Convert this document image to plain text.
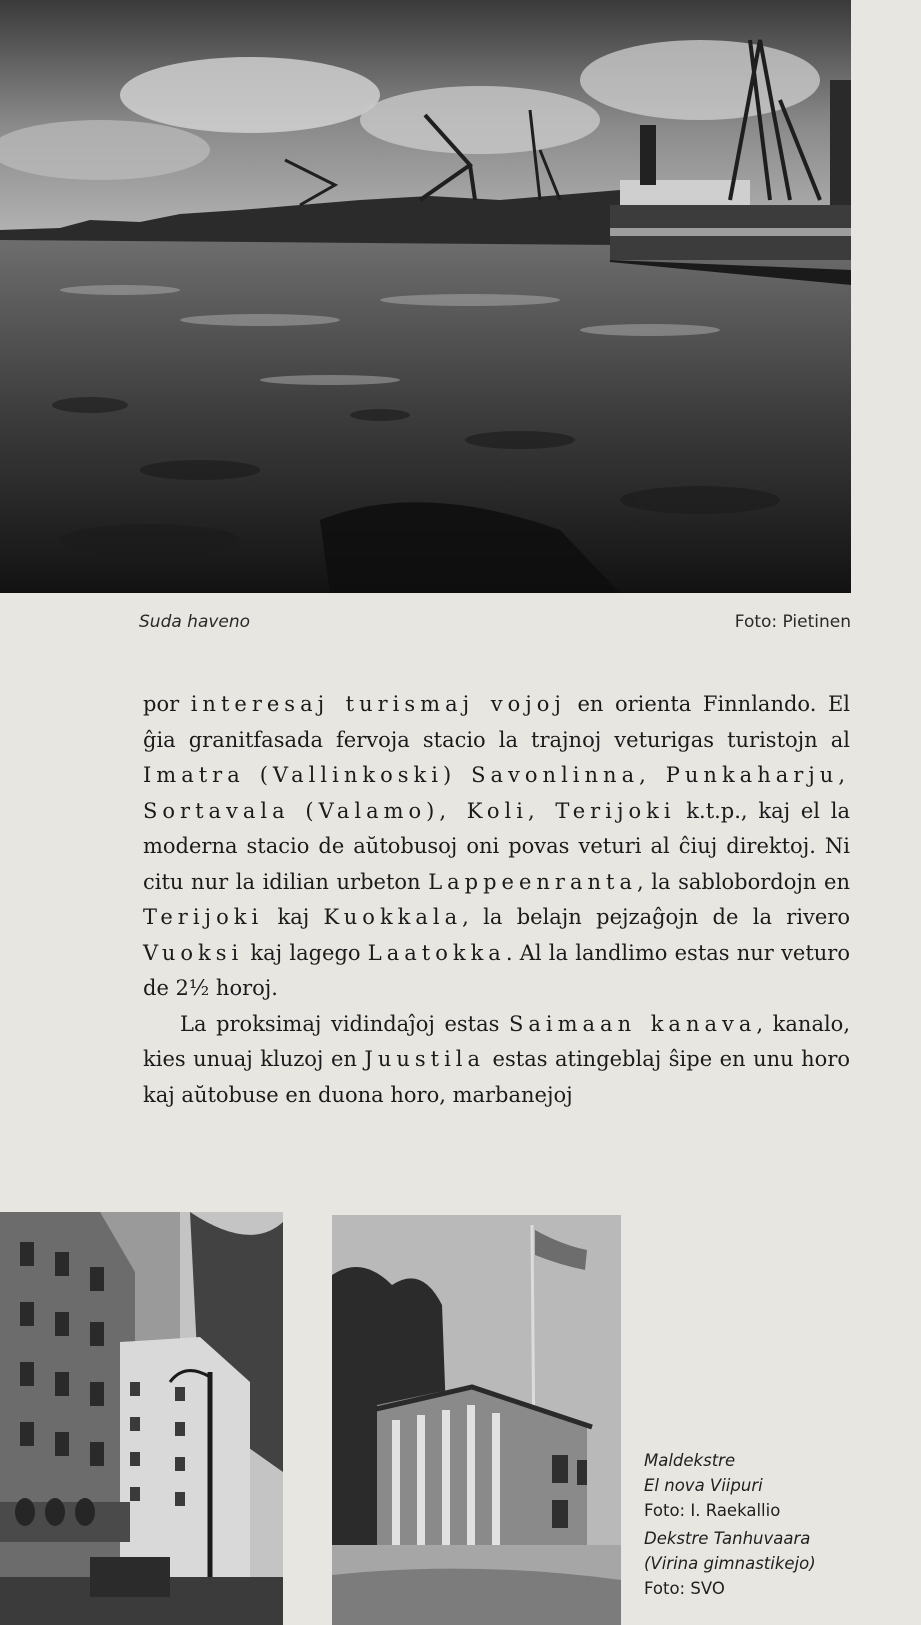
Suda haveno	Foto: Pietinen

por interesaj turismaj vojoj en orienta Finnlando. El ĝia granitfasada fervoja stacio la trajnoj veturigas turistojn al Imatra (Vallinkoski) Savonlinna, Punkaharju, Sortavala (Valamo), Koli, Terijoki k.t.p., kaj el la moderna stacio de aŭtobusoj oni povas veturi al ĉiuj direktoj. Ni citu nur la idilian urbeton Lappeenranta, la sablobordojn en Terijoki kaj Kuokkala, la belajn pejzaĝojn de la rivero Vuoksi kaj lagego Laatokka. Al la landlimo estas nur veturo de 2½ horoj.

La proksimaj vidindaĵoj estas Saimaan kanava, kanalo, kies unuaj kluzoj en Juustila estas atingeblaj ŝipe en unu horo kaj aŭtobuse en duona horo, marbanejoj

Maldekstre
El nova Viipuri
Foto: I. Raekallio
Dekstre Tanhuvaara
(Virina gimnastikejo)
Foto: SVO
